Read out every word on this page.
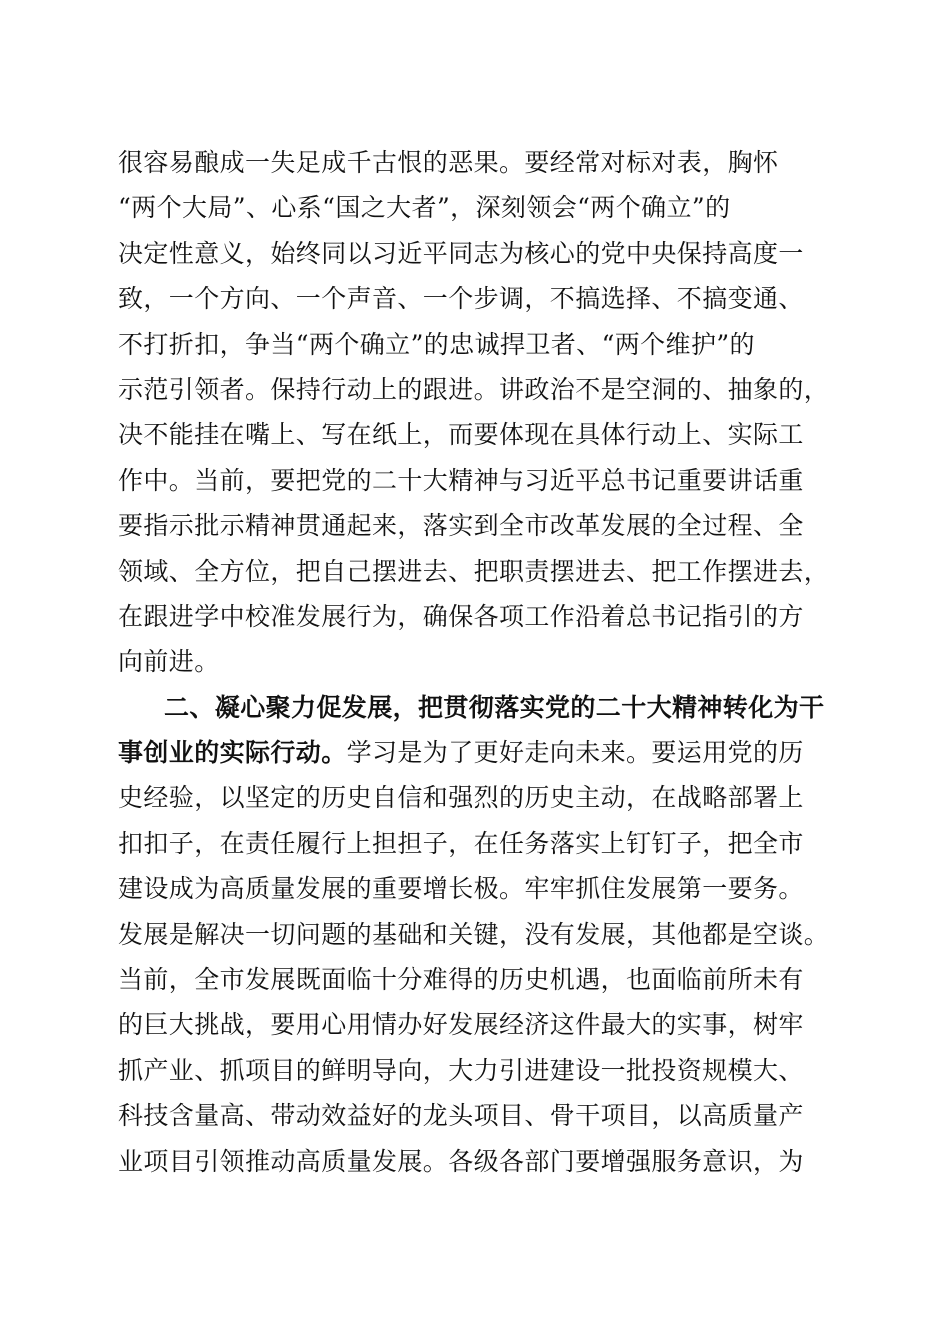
很容易酿成一失足成千古恨的恶果。要经常对标对表，胸怀
“两个大局”、心系“国之大者”，深刻领会“两个确立”的
决定性意义，始终同以习近平同志为核心的党中央保持高度一
致，一个方向、一个声音、一个步调，不搞选择、不搞变通、
不打折扣，争当“两个确立”的忠诚捍卫者、“两个维护”的
示范引领者。保持行动上的跟进。讲政治不是空洞的、抽象的，
决不能挂在嘴上、写在纸上，而要体现在具体行动上、实际工
作中。当前，要把党的二十大精神与习近平总书记重要讲话重
要指示批示精神贯通起来，落实到全市改革发展的全过程、全
领域、全方位，把自己摆进去、把职责摆进去、把工作摆进去，
在跟进学中校准发展行为，确保各项工作沿着总书记指引的方
向前进。
二、凝心聚力促发展，把贯彻落实党的二十大精神转化为干
事创业的实际行动。学习是为了更好走向未来。要运用党的历
史经验，以坚定的历史自信和强烈的历史主动，在战略部署上
扣扣子，在责任履行上担担子，在任务落实上钉钉子，把全市
建设成为高质量发展的重要增长极。牢牢抓住发展第一要务。
发展是解决一切问题的基础和关键，没有发展，其他都是空谈。
当前，全市发展既面临十分难得的历史机遇，也面临前所未有
的巨大挑战，要用心用情办好发展经济这件最大的实事，树牢
抓产业、抓项目的鲜明导向，大力引进建设一批投资规模大、
科技含量高、带动效益好的龙头项目、骨干项目，以高质量产
业项目引领推动高质量发展。各级各部门要增强服务意识，为
